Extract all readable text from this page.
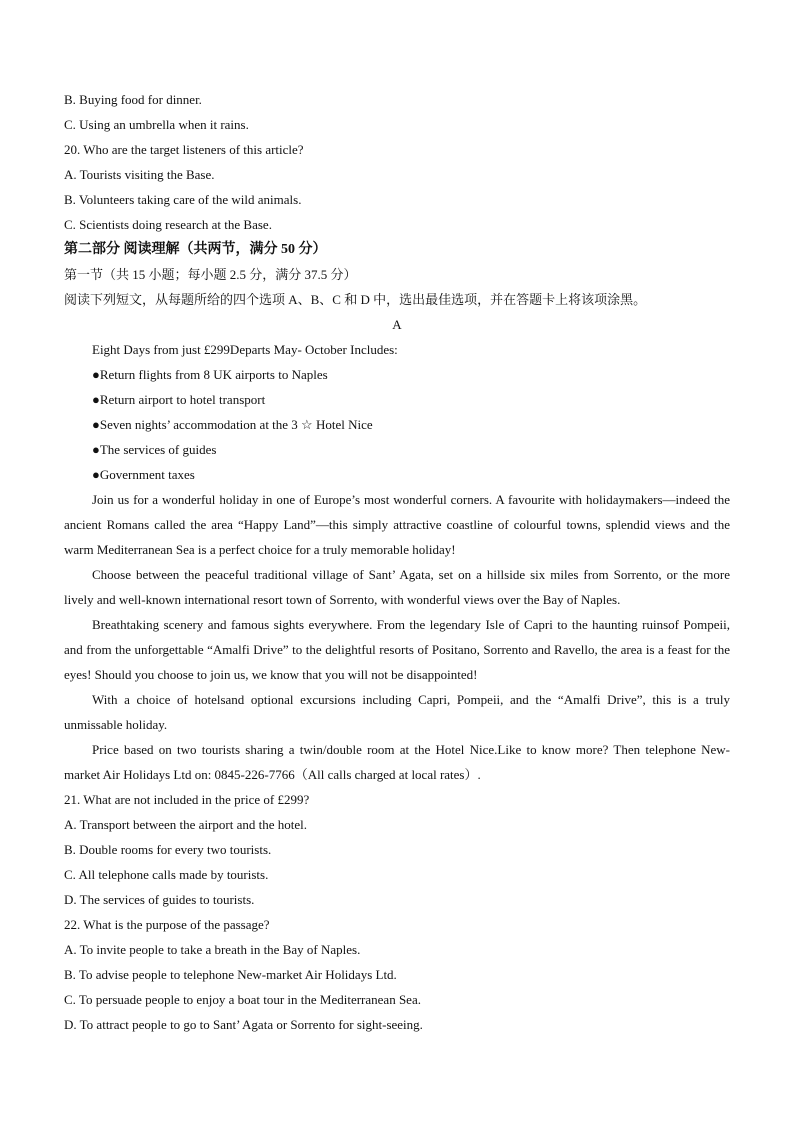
B. Buying food for dinner.
C. Using an umbrella when it rains.
20. Who are the target listeners of this article?
A. Tourists visiting the Base.
B. Volunteers taking care of the wild animals.
C. Scientists doing research at the Base.
第二部分 阅读理解（共两节，满分 50 分）
第一节（共 15 小题；每小题 2.5 分，满分 37.5 分）
阅读下列短文，从每题所给的四个选项 A、B、C 和 D 中，选出最佳选项，并在答题卡上将该项涂黑。
A
Eight Days from just £299Departs May- October Includes:
●Return flights from 8 UK airports to Naples
●Return airport to hotel transport
●Seven nights’ accommodation at the 3 ☆ Hotel Nice
●The services of guides
●Government taxes
Join us for a wonderful holiday in one of Europe’s most wonderful corners. A favourite with holidaymakers—indeed the ancient Romans called the area “Happy Land”—this simply attractive coastline of colourful towns, splendid views and the warm Mediterranean Sea is a perfect choice for a truly memorable holiday!
Choose between the peaceful traditional village of Sant’ Agata, set on a hillside six miles from Sorrento, or the more lively and well-known international resort town of Sorrento, with wonderful views over the Bay of Naples.
Breathtaking scenery and famous sights everywhere. From the legendary Isle of Capri to the haunting ruinsof Pompeii, and from the unforgettable “Amalfi Drive” to the delightful resorts of Positano, Sorrento and Ravello, the area is a feast for the eyes! Should you choose to join us, we know that you will not be disappointed!
With a choice of hotelsand optional excursions including Capri, Pompeii, and the “Amalfi Drive”, this is a truly unmissable holiday.
Price based on two tourists sharing a twin/double room at the Hotel Nice.Like to know more? Then telephone New-market Air Holidays Ltd on: 0845-226-7766（All calls charged at local rates）.
21. What are not included in the price of £299?
A. Transport between the airport and the hotel.
B. Double rooms for every two tourists.
C. All telephone calls made by tourists.
D. The services of guides to tourists.
22. What is the purpose of the passage?
A. To invite people to take a breath in the Bay of Naples.
B. To advise people to telephone New-market Air Holidays Ltd.
C. To persuade people to enjoy a boat tour in the Mediterranean Sea.
D. To attract people to go to Sant’ Agata or Sorrento for sight-seeing.
